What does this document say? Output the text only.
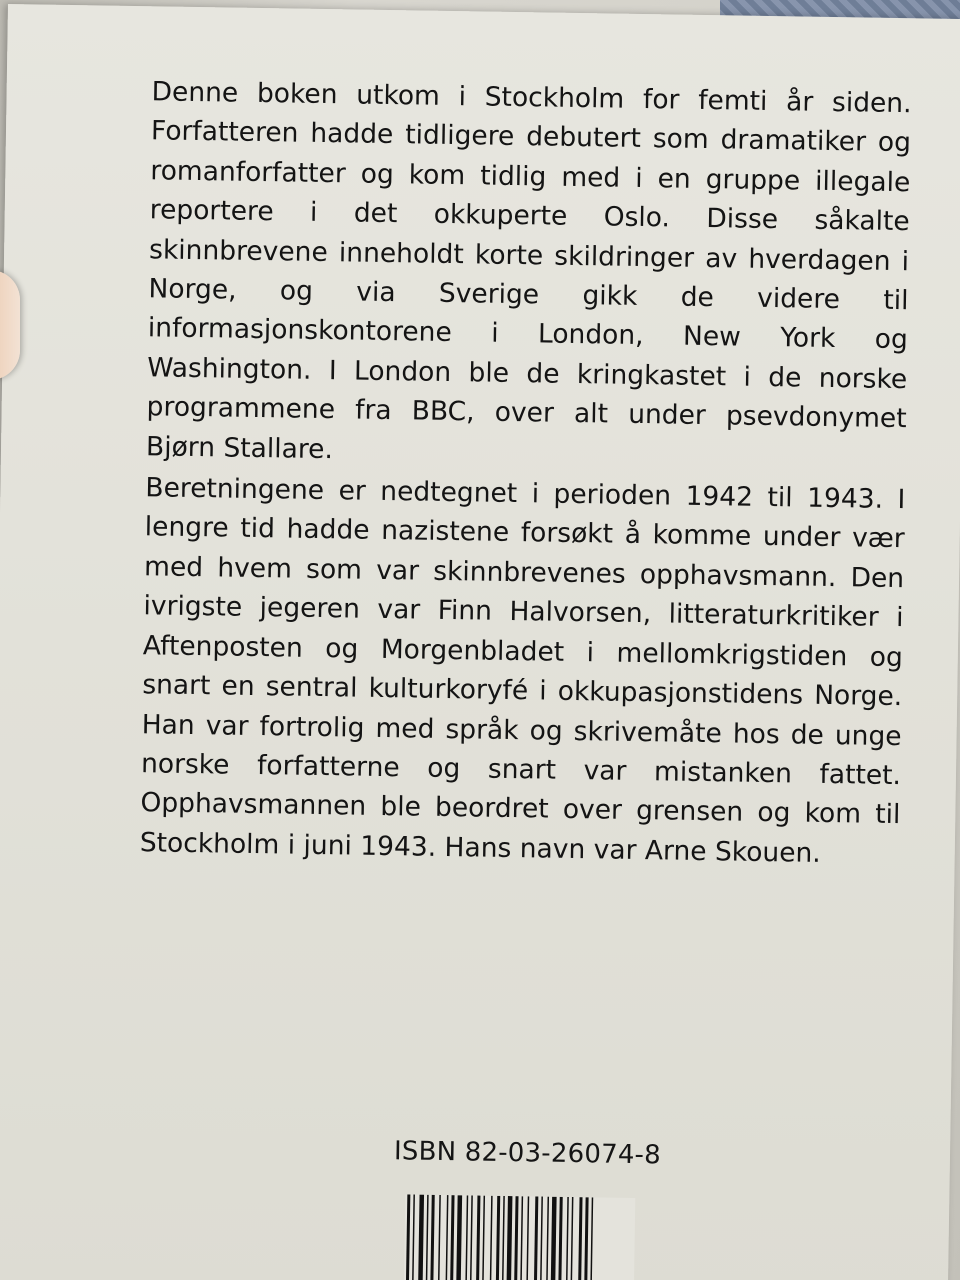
Denne boken utkom i Stockholm for femti år siden. Forfatteren hadde tidligere debutert som dramatiker og romanforfatter og kom tidlig med i en gruppe illegale reportere i det okkuperte Oslo. Disse såkalte skinnbrevene inneholdt korte skildringer av hverdagen i Norge, og via Sverige gikk de videre til informasjonskontorene i London, New York og Washington. I London ble de kringkastet i de norske programmene fra BBC, over alt under psevdonymet Bjørn Stallare.

Beretningene er nedtegnet i perioden 1942 til 1943. I lengre tid hadde nazistene forsøkt å komme under vær med hvem som var skinnbrevenes opphavsmann. Den ivrigste jegeren var Finn Halvorsen, litteraturkritiker i Aftenposten og Morgenbladet i mellomkrigstiden og snart en sentral kulturkoryfé i okkupasjonstidens Norge. Han var fortrolig med språk og skrivemåte hos de unge norske forfatterne og snart var mistanken fattet. Opphavsmannen ble beordret over grensen og kom til Stockholm i juni 1943. Hans navn var Arne Skouen.

ISBN 82-03-26074-8
